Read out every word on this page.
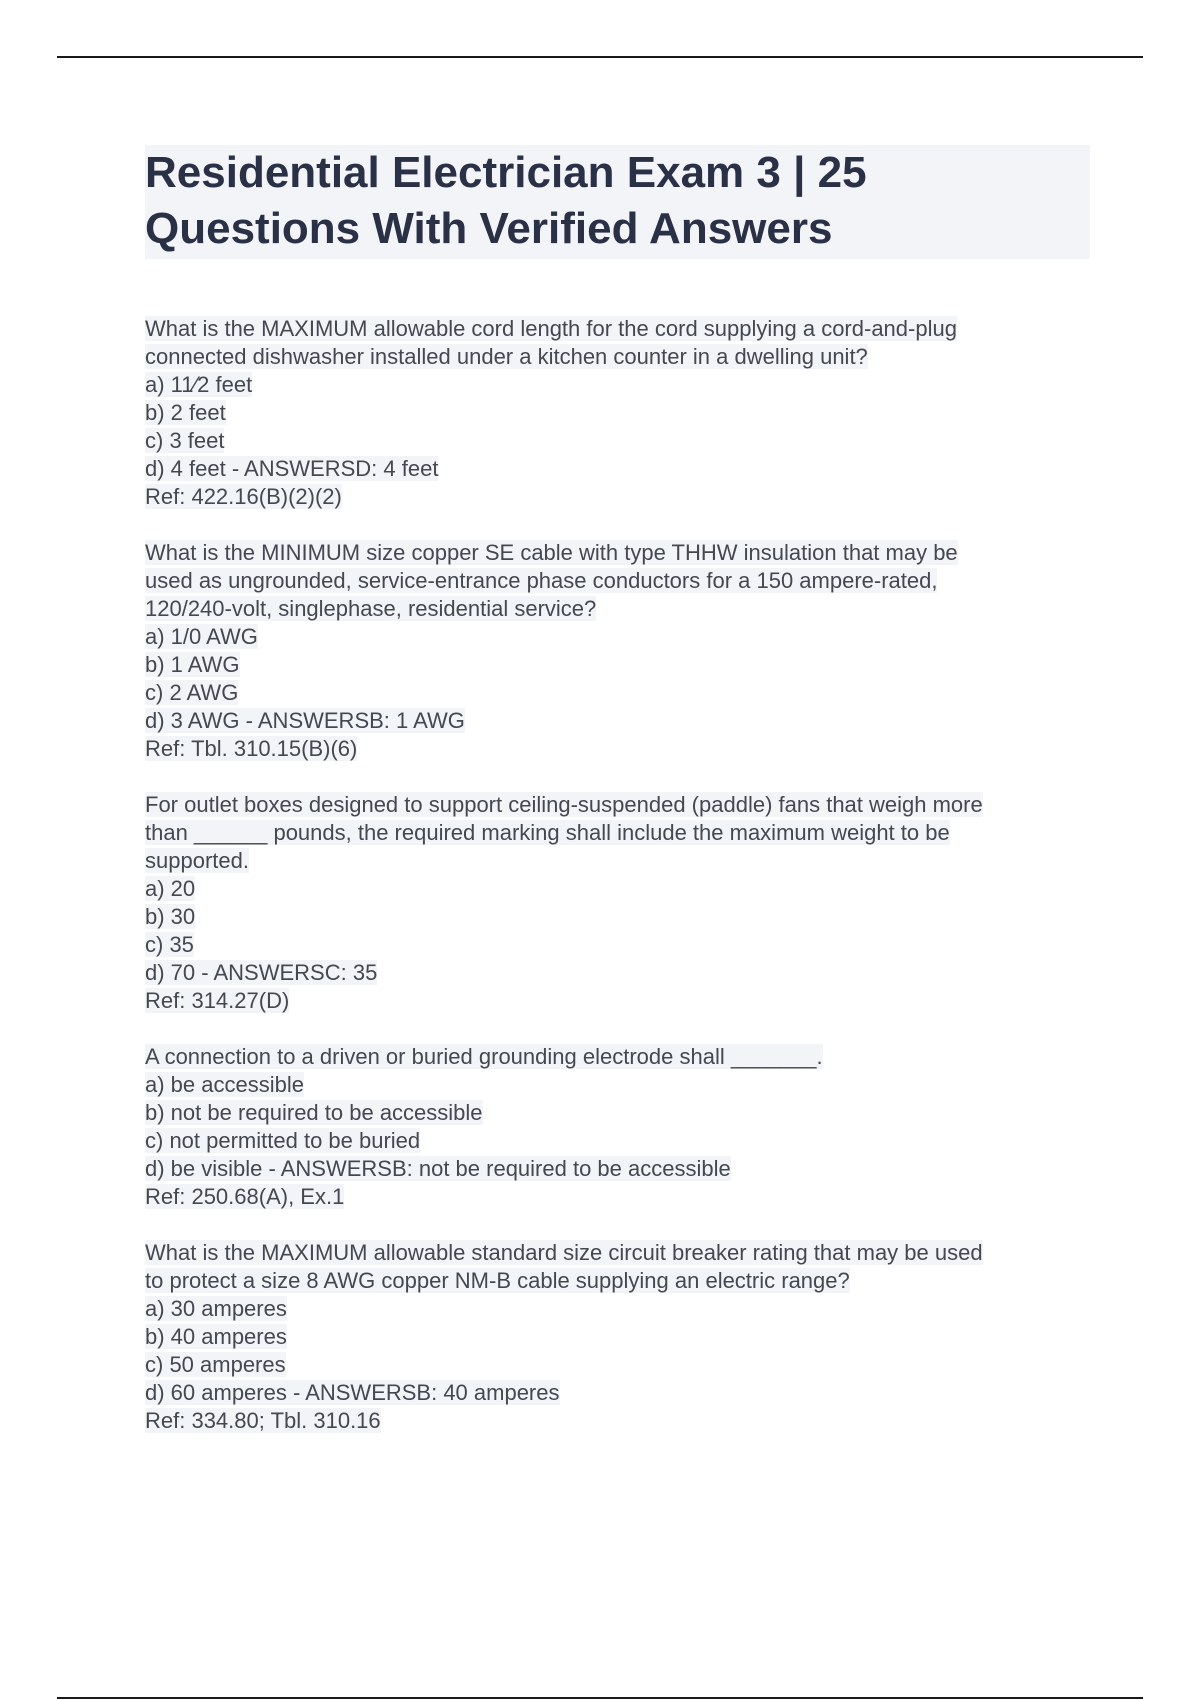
Residential Electrician Exam 3 | 25 Questions With Verified Answers
What is the MAXIMUM allowable cord length for the cord supplying a cord-and-plug
connected dishwasher installed under a kitchen counter in a dwelling unit?
a) 11⁄2 feet
b) 2 feet
c) 3 feet
d) 4 feet - ANSWERSD: 4 feet
Ref: 422.16(B)(2)(2)
What is the MINIMUM size copper SE cable with type THHW insulation that may be
used as ungrounded, service-entrance phase conductors for a 150 ampere-rated,
120/240-volt, singlephase, residential service?
a) 1/0 AWG
b) 1 AWG
c) 2 AWG
d) 3 AWG - ANSWERSB: 1 AWG
Ref: Tbl. 310.15(B)(6)
For outlet boxes designed to support ceiling-suspended (paddle) fans that weigh more
than ______ pounds, the required marking shall include the maximum weight to be
supported.
a) 20
b) 30
c) 35
d) 70 - ANSWERSC: 35
Ref: 314.27(D)
A connection to a driven or buried grounding electrode shall _______.
a) be accessible
b) not be required to be accessible
c) not permitted to be buried
d) be visible - ANSWERSB: not be required to be accessible
Ref: 250.68(A), Ex.1
What is the MAXIMUM allowable standard size circuit breaker rating that may be used
to protect a size 8 AWG copper NM-B cable supplying an electric range?
a) 30 amperes
b) 40 amperes
c) 50 amperes
d) 60 amperes - ANSWERSB: 40 amperes
Ref: 334.80; Tbl. 310.16
